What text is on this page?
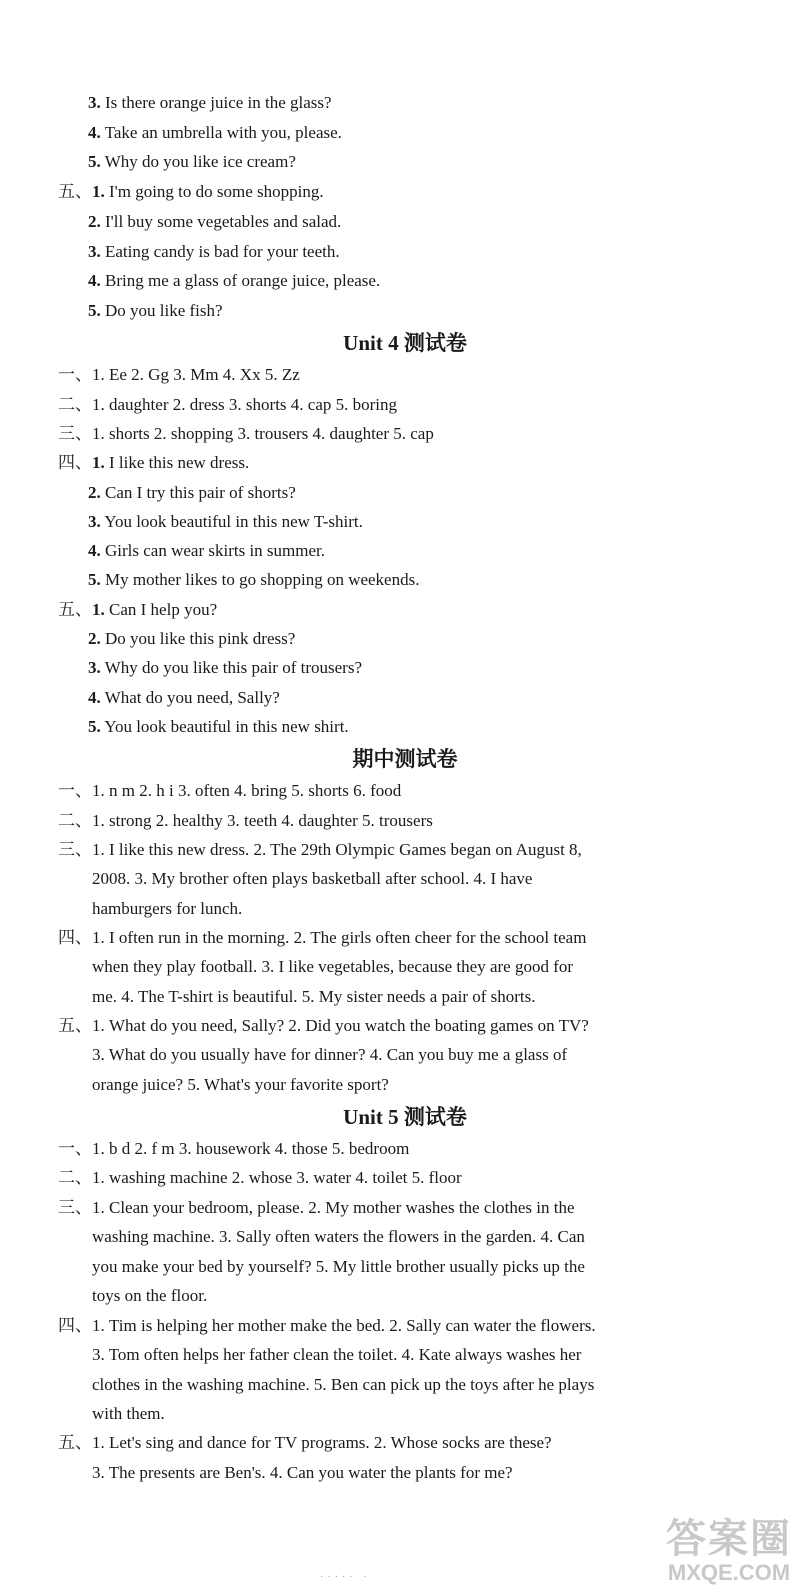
3. Is there orange juice in the glass?
4. Take an umbrella with you, please.
5. Why do you like ice cream?
五、1. I'm going to do some shopping.
2. I'll buy some vegetables and salad.
3. Eating candy is bad for your teeth.
4. Bring me a glass of orange juice, please.
5. Do you like fish?
Unit 4 测试卷
一、1. Ee 2. Gg 3. Mm 4. Xx 5. Zz
二、1. daughter 2. dress 3. shorts 4. cap 5. boring
三、1. shorts 2. shopping 3. trousers 4. daughter 5. cap
四、1. I like this new dress.
2. Can I try this pair of shorts?
3. You look beautiful in this new T-shirt.
4. Girls can wear skirts in summer.
5. My mother likes to go shopping on weekends.
五、1. Can I help you?
2. Do you like this pink dress?
3. Why do you like this pair of trousers?
4. What do you need, Sally?
5. You look beautiful in this new shirt.
期中测试卷
一、1. n m 2. h i 3. often 4. bring 5. shorts 6. food
二、1. strong 2. healthy 3. teeth 4. daughter 5. trousers
三、1. I like this new dress. 2. The 29th Olympic Games began on August 8,
2008. 3. My brother often plays basketball after school. 4. I have
hamburgers for lunch.
四、1. I often run in the morning. 2. The girls often cheer for the school team
when they play football. 3. I like vegetables, because they are good for
me. 4. The T-shirt is beautiful. 5. My sister needs a pair of shorts.
五、1. What do you need, Sally? 2. Did you watch the boating games on TV?
3. What do you usually have for dinner? 4. Can you buy me a glass of
orange juice? 5. What's your favorite sport?
Unit 5 测试卷
一、1. b d 2. f m 3. housework 4. those 5. bedroom
二、1. washing machine 2. whose 3. water 4. toilet 5. floor
三、1. Clean your bedroom, please. 2. My mother washes the clothes in the
washing machine. 3. Sally often waters the flowers in the garden. 4. Can
you make your bed by yourself? 5. My little brother usually picks up the
toys on the floor.
四、1. Tim is helping her mother make the bed. 2. Sally can water the flowers.
3. Tom often helps her father clean the toilet. 4. Kate always washes her
clothes in the washing machine. 5. Ben can pick up the toys after he plays
with them.
五、1. Let's sing and dance for TV programs. 2. Whose socks are these?
3. The presents are Ben's. 4. Can you water the plants for me?
····· ·
答案圈
MXQE.COM
